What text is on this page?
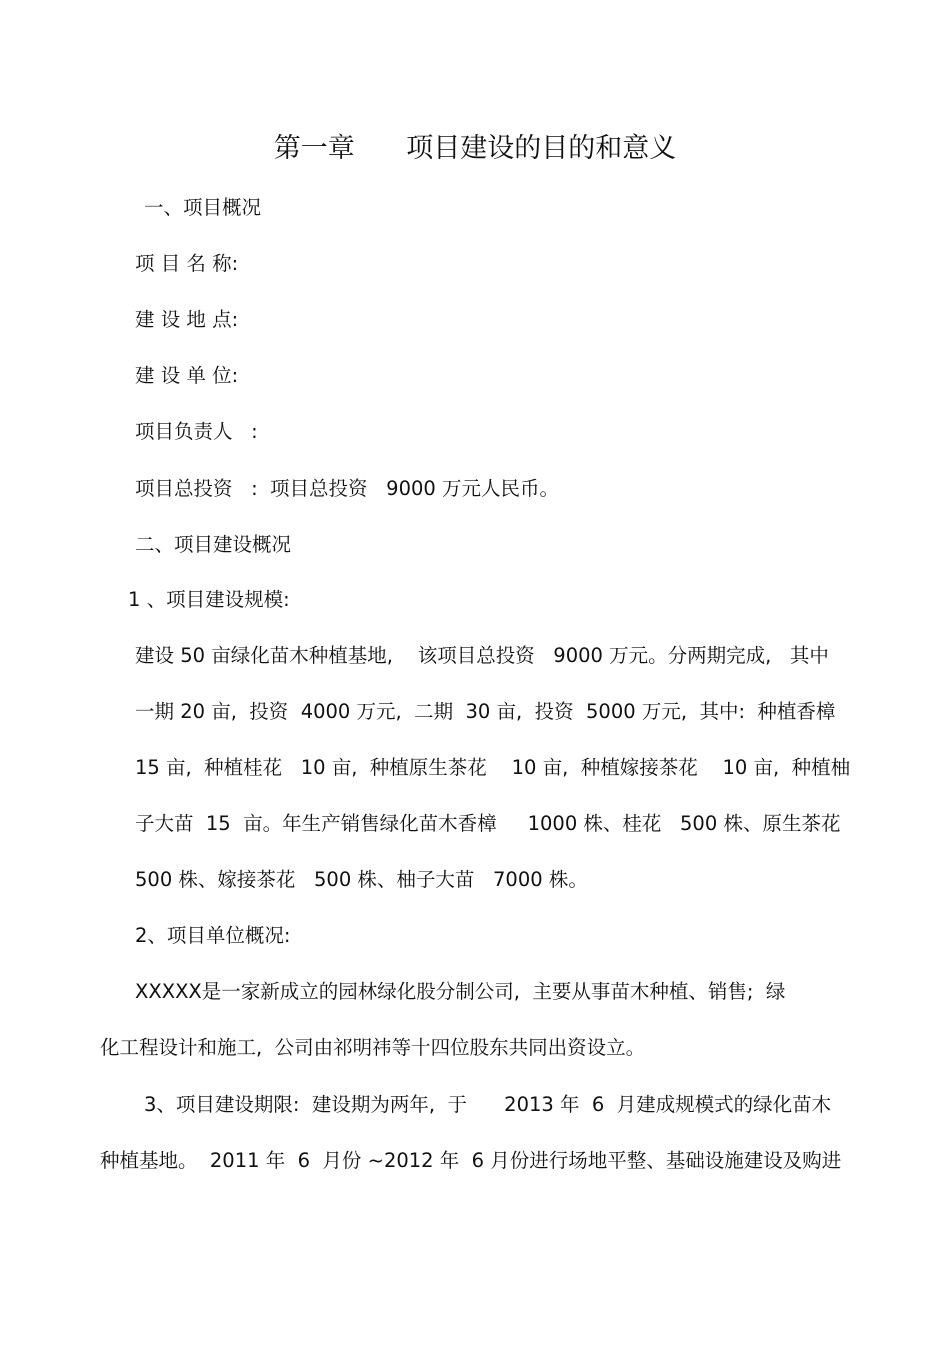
第一章      项目建设的目的和意义
一、项目概况
项 目 名 称:
建 设 地 点:
建 设 单 位:
项目负责人   :
项目总投资   :  项目总投资   9000 万元人民币。
二、项目建设概况
1 、项目建设规模:
建设 50 亩绿化苗木种植基地,    该项目总投资   9000 万元。分两期完成,   其中
一期 20 亩,  投资  4000 万元,  二期  30 亩,  投资  5000 万元,  其中:  种植香樟
15 亩,  种植桂花   10 亩,  种植原生茶花    10 亩,  种植嫁接茶花    10 亩,  种植柚
子大苗  15  亩。年生产销售绿化苗木香樟     1000 株、桂花   500 株、原生茶花
500 株、嫁接茶花   500 株、柚子大苗   7000 株。
2、项目单位概况:
XXXXX是一家新成立的园林绿化股分制公司,  主要从事苗木种植、销售;  绿
化工程设计和施工,  公司由祁明祎等十四位股东共同出资设立。
3、项目建设期限:  建设期为两年,  于      2013 年  6  月建成规模式的绿化苗木
种植基地。  2011 年  6  月份 ~2012 年  6 月份进行场地平整、基础设施建设及购进
